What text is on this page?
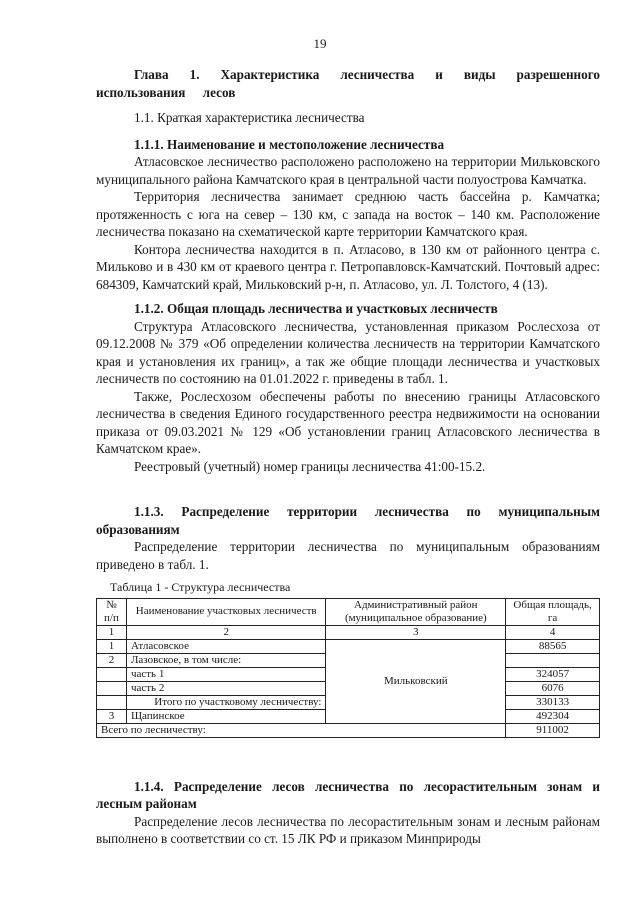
19

Глава 1. Характеристика лесничества и виды разрешенного использования лесов

1.1. Краткая характеристика лесничества

1.1.1. Наименование и местоположение лесничества

Атласовское лесничество расположено расположено на территории Мильковского муниципального района Камчатского края в центральной части полуострова Камчатка.

Территория лесничества занимает среднюю часть бассейна р. Камчатка; протяженность с юга на север – 130 км, с запада на восток – 140 км. Расположение лесничества показано на схематической карте территории Камчатского края.

Контора лесничества находится в п. Атласово, в 130 км от районного центра с. Мильково и в 430 км от краевого центра г. Петропавловск-Камчатский. Почтовый адрес: 684309, Камчатский край, Мильковский р-н, п. Атласово, ул. Л. Толстого, 4 (13).

1.1.2. Общая площадь лесничества и участковых лесничеств

Структура Атласовского лесничества, установленная приказом Рослесхоза от 09.12.2008 № 379 «Об определении количества лесничеств на территории Камчатского края и установления их границ», а так же общие площади лесничества и участковых лесничеств по состоянию на 01.01.2022 г. приведены в табл. 1.

Также, Рослесхозом обеспечены работы по внесению границы Атласовского лесничества в сведения Единого государственного реестра недвижимости на основании приказа от 09.03.2021 № 129 «Об установлении границ Атласовского лесничества в Камчатском крае».

Реестровый (учетный) номер границы лесничества 41:00-15.2.

1.1.3. Распределение территории лесничества по муниципальным образованиям

Распределение территории лесничества по муниципальным образованиям приведено в табл. 1.

Таблица 1 - Структура лесничества
№ п/п	Наименование участковых лесничеств	Административный район (муниципальное образование)	Общая площадь, га
1	2	3	4
1	Атласовское	Мильковский	88565
2	Лазовское, в том числе:		
	часть 1		324057
	часть 2		6076
	Итого по участковому лесничеству:		330133
3	Щапинское		492304
Всего по лесничеству:			911002

1.1.4. Распределение лесов лесничества по лесорастительным зонам и лесным районам

Распределение лесов лесничества по лесорастительным зонам и лесным районам выполнено в соответствии со ст. 15 ЛК РФ и приказом Минприроды
